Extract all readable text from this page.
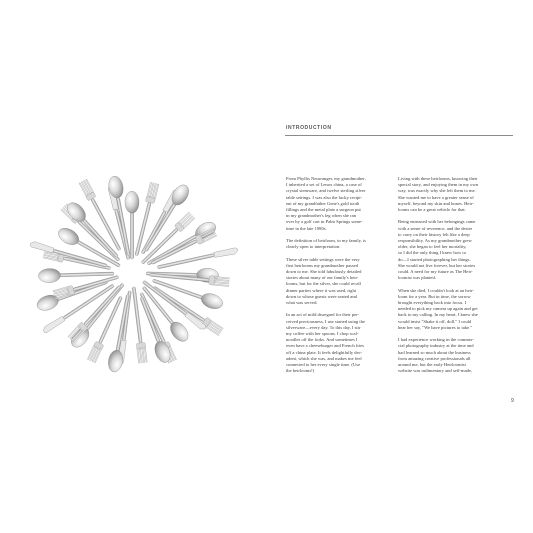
INTRODUCTION

From Phyllis Neuwanger, my grandmother,
I inherited a set of Lenox china, a case of
crystal stemware, and twelve sterling silver
table settings. I was also the lucky recipi-
ent of my grandfather Gene's gold tooth
fillings and the metal plate a surgeon put
in my grandmother's leg when she ran
over by a golf cart in Palm Springs some-
time in the late 1980s.

The definition of heirloom, in my family, is
clearly open to interpretation.

These silver table settings were the very
first heirlooms my grandmother passed
down to me. She told fabulously detailed
stories about many of our family's heir-
looms, but for the silver, she could recall
dinner parties where it was used, right
down to whose guests were seated and
what was served.

In an act of mild disregard for their per-
ceived preciousness, I use started using the
silverware—every day. To this day, I stir
my coffee with her spoons. I chop scal-
noodles off the forks. And sometimes I
even have a cheeseburger and French fries
off a china plate. It feels delightfully dec-
adent, which she was, and makes me feel
connected to her every single time. (Use
the heirlooms!)

Living with these heirlooms, knowing their
special story, and enjoying them in my own
way, was exactly why she left them to me.
She wanted me to have a greater sense of
myself, beyond my skin and bones. Heir-
looms can be a great vehicle for that.

Being entrusted with her belongings came
with a sense of reverence, and the desire
to carry on their history felt like a deep
responsibility. As my grandmother grew
older, she began to feel her mortality,
so I did the only thing I knew how to
do—I started photographing her things.
She would not live forever, but her stories
could. A need for my future as The Heir-
loomist was planted.

When she died, I couldn't look at an heir-
loom for a year. But in time, the sorrow
brought everything back into focus. I
needed to pick my camera up again and get
back to my calling. In my heart, I knew she
would insist "Shake it off, doll." I could
hear her say, "We have pictures to take."

I had experience working in the commer-
cial photography industry at the time and
had learned so much about the business
from amazing creative professionals all
around me, but the early Heirloomist
website was rudimentary and self-made,

9
